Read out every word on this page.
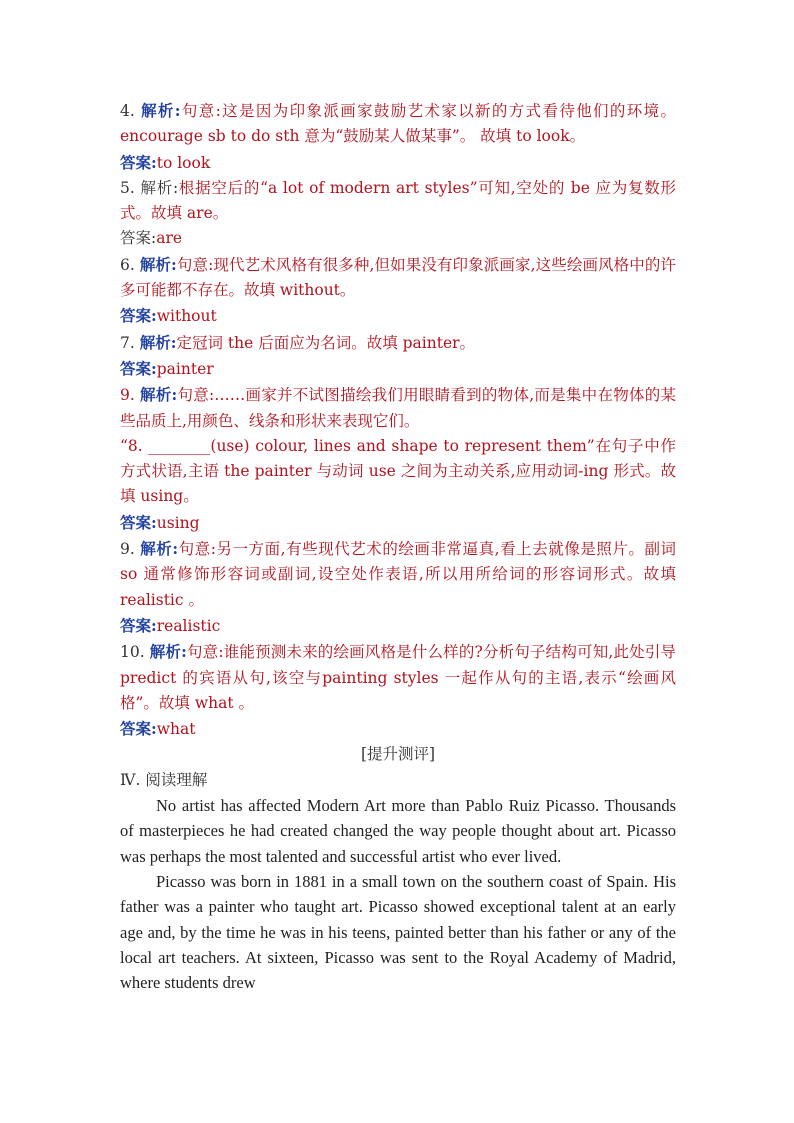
4. 解析:句意:这是因为印象派画家鼓励艺术家以新的方式看待他们的环境。encourage sb to do sth 意为“鼓励某人做某事”。 故填 to look。

答案:to look

5. 解析:根据空后的“a lot of modern art styles”可知,空处的 be 应为复数形式。故填 are。

答案:are

6. 解析:句意:现代艺术风格有很多种,但如果没有印象派画家,这些绘画风格中的许多可能都不存在。故填 without。

答案:without

7. 解析:定冠词 the 后面应为名词。故填 painter。

答案:painter

9. 解析:句意:……画家并不试图描绘我们用眼睛看到的物体,而是集中在物体的某些品质上,用颜色、线条和形状来表现它们。

“8. ________(use) colour, lines and shape to represent them”在句子中作方式状语,主语 the painter 与动词 use 之间为主动关系,应用动词-ing 形式。故填 using。

答案:using

9. 解析:句意:另一方面,有些现代艺术的绘画非常逼真,看上去就像是照片。副词 so 通常修饰形容词或副词,设空处作表语,所以用所给词的形容词形式。故填 realistic 。

答案:realistic

10. 解析:句意:谁能预测未来的绘画风格是什么样的?分析句子结构可知,此处引导predict 的宾语从句,该空与painting styles 一起作从句的主语,表示“绘画风格”。故填 what 。

答案:what

[提升测评]

Ⅳ. 阅读理解

No artist has affected Modern Art more than Pablo Ruiz Picasso. Thousands of masterpieces he had created changed the way people thought about art. Picasso was perhaps the most talented and successful artist who ever lived.

Picasso was born in 1881 in a small town on the southern coast of Spain. His father was a painter who taught art. Picasso showed exceptional talent at an early age and, by the time he was in his teens, painted better than his father or any of the local art teachers. At sixteen, Picasso was sent to the Royal Academy of Madrid, where students drew
